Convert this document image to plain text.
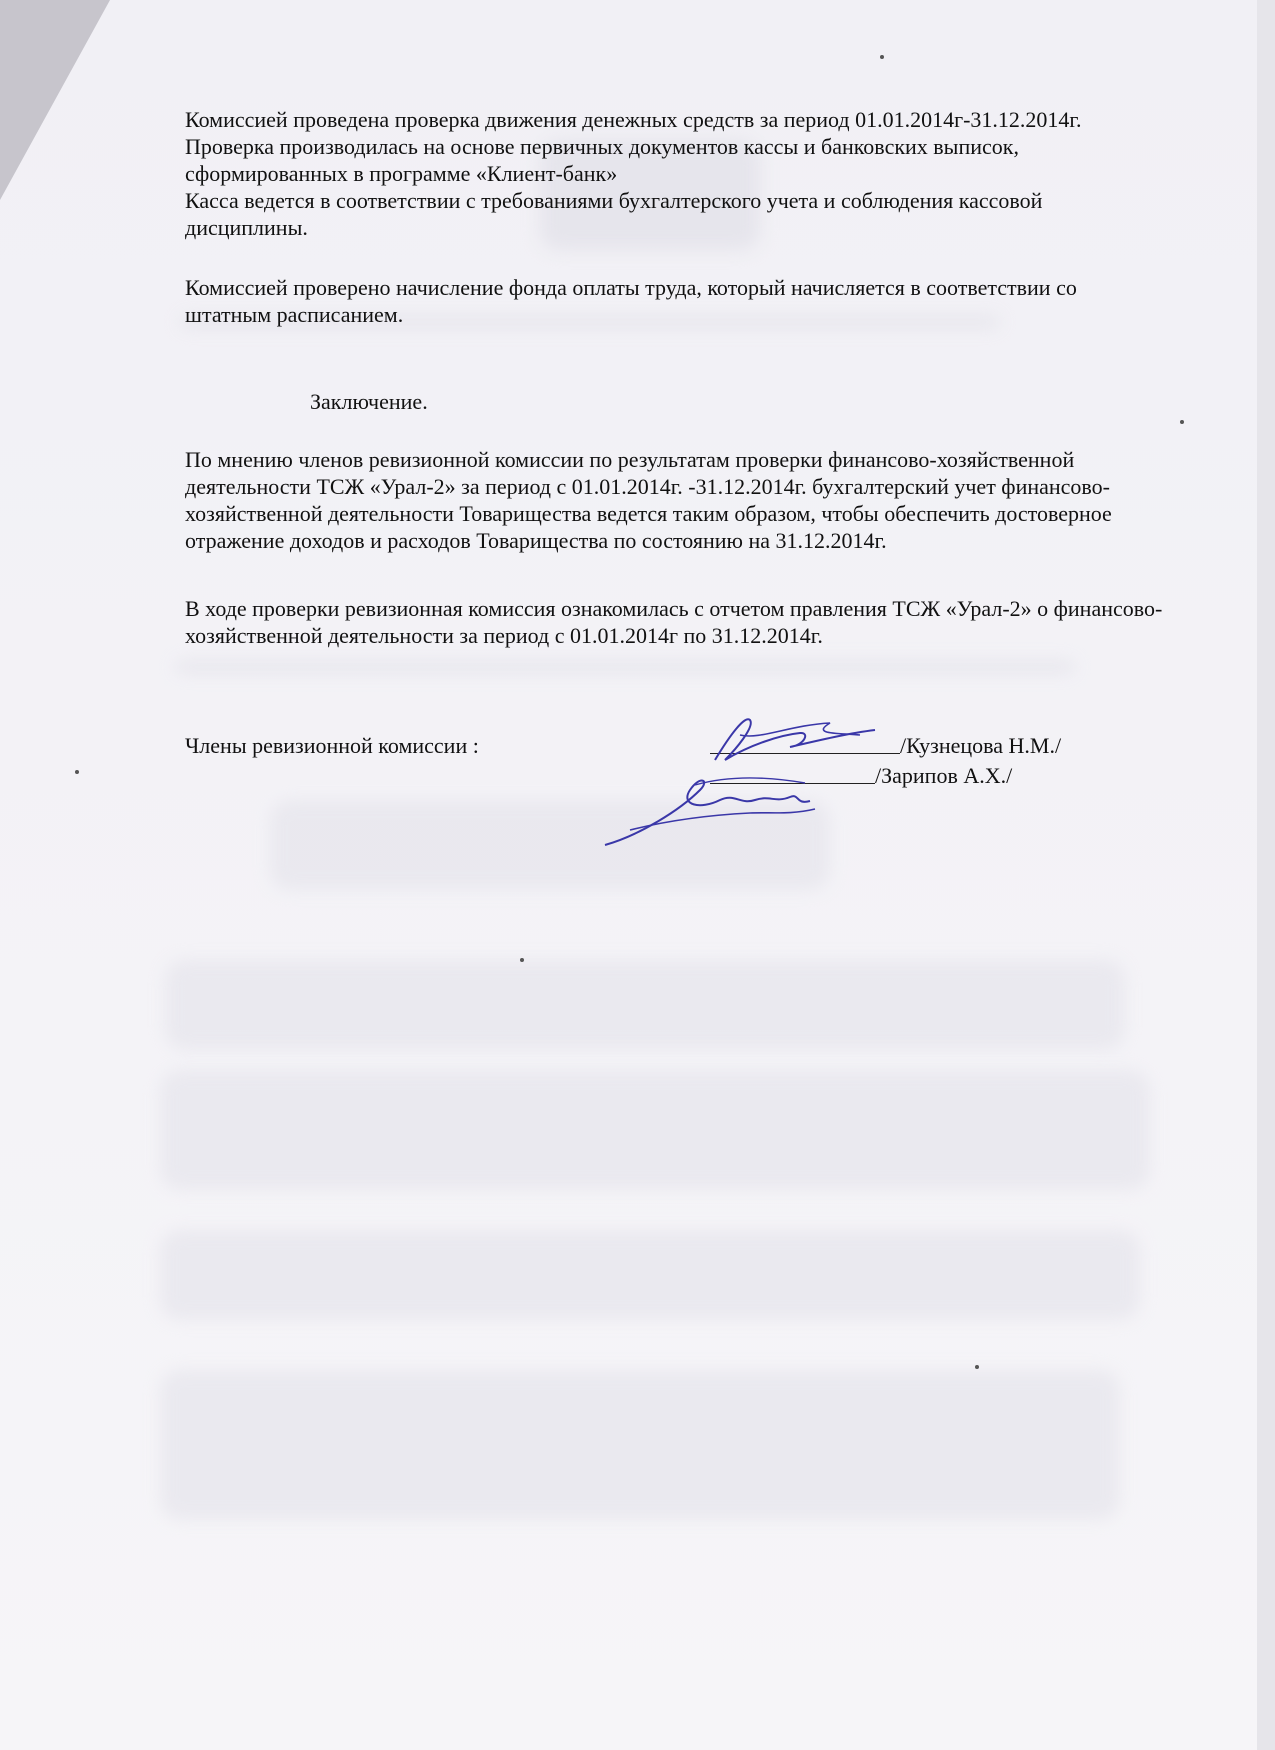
Комиссией проведена проверка движения денежных средств за период 01.01.2014г-31.12.2014г. Проверка производилась на основе первичных документов кассы и банковских выписок, сформированных в программе «Клиент-банк»
Касса ведется в соответствии с требованиями бухгалтерского учета и соблюдения кассовой дисциплины.

Комиссией проверено начисление фонда оплаты труда, который начисляется в соответствии со штатным расписанием.

Заключение.

По мнению членов ревизионной комиссии по результатам проверки финансово-хозяйственной деятельности ТСЖ «Урал-2» за период с 01.01.2014г. -31.12.2014г. бухгалтерский учет финансово-хозяйственной деятельности Товарищества ведется таким образом, чтобы обеспечить достоверное отражение доходов и расходов Товарищества по состоянию на 31.12.2014г.

В ходе проверки ревизионная комиссия ознакомилась с отчетом правления ТСЖ «Урал-2» о финансово-хозяйственной деятельности за период с 01.01.2014г по 31.12.2014г.

Члены ревизионной комиссии :	/Кузнецова Н.М./
/Зарипов А.Х./
